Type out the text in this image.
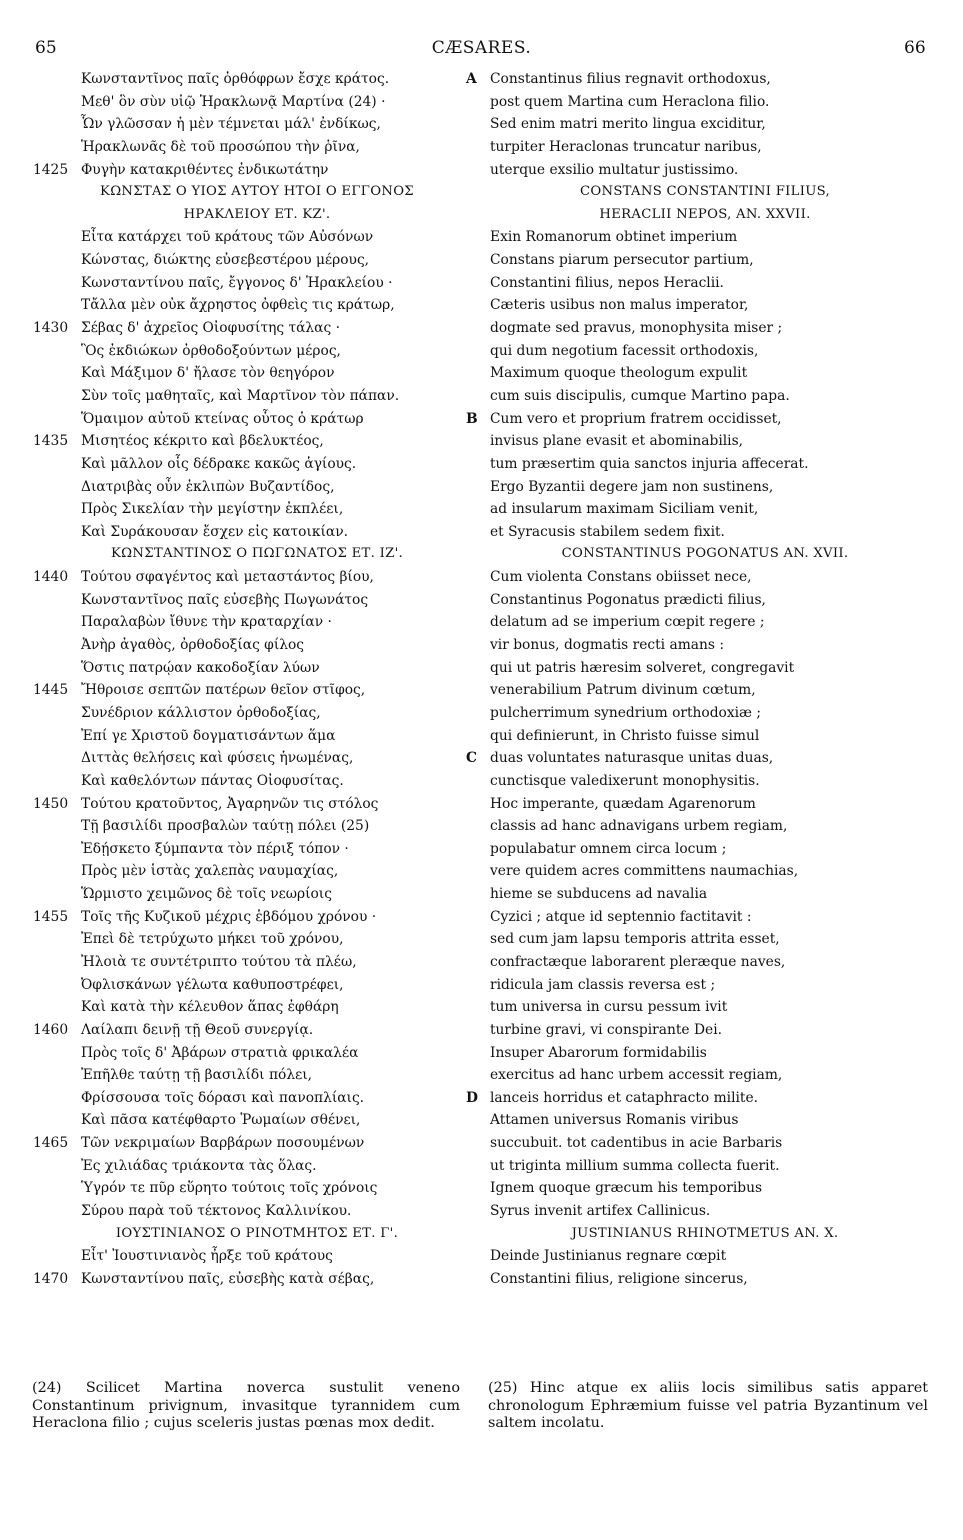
65	CÆSARES.	66
Κωνσταντῖνος παῖς ὀρθόφρων ἔσχε κράτος.
Μεθ' ὃν σὺν υἱῷ Ἡρακλωνᾷ Μαρτίνα (24) ·
Ὧν γλῶσσαν ἡ μὲν τέμνεται μάλ' ἐνδίκως,
Ἡρακλωνᾶς δὲ τοῦ προσώπου τὴν ῥῖνα,
1425 Φυγὴν κατακριθέντες ἐνδικωτάτην
ΚΩΝΣΤΑΣ Ο ΥΙΟΣ ΑΥΤΟΥ ΗΤΟΙ Ο ΕΓΓΟΝΟΣ
ΗΡΑΚΛΕΙΟΥ ΕΤ. ΚΖ'.
Εἶτα κατάρχει τοῦ κράτους τῶν Αὐσόνων
Κώνστας, διώκτης εὐσεβεστέρου μέρους,
Κωνσταντίνου παῖς, ἔγγονος δ' Ἡρακλείου ·
Τἄλλα μὲν οὐκ ἄχρηστος ὀφθεὶς τις κράτωρ,
1430 Σέβας δ' ἀχρεῖος Οἰοφυσίτης τάλας ·
Ὃς ἐκδιώκων ὀρθοδοξούντων μέρος,
Καὶ Μάξιμον δ' ἤλασε τὸν θεηγόρον
Σὺν τοῖς μαθηταῖς, καὶ Μαρτῖνον τὸν πάπαν.
Ὅμαιμον αὐτοῦ κτείνας οὗτος ὁ κράτωρ
1435 Μισητέος κέκριτο καὶ βδελυκτέος,
Καὶ μᾶλλον οἷς δέδρακε κακῶς ἁγίους.
Διατριβὰς οὖν ἐκλιπὼν Βυζαντίδος,
Πρὸς Σικελίαν τὴν μεγίστην ἐκπλέει,
Καὶ Συράκουσαν ἔσχεν εἰς κατοικίαν.
ΚΩΝΣΤΑΝΤΙΝΟΣ Ο ΠΩΓΩΝΑΤΟΣ ΕΤ. ΙΖ'.
1440 Τούτου σφαγέντος καὶ μεταστάντος βίου,
Κωνσταντῖνος παῖς εὐσεβὴς Πωγωνάτος
Παραλαβὼν ἴθυνε τὴν κραταρχίαν ·
Ἀνὴρ ἀγαθὸς, ὀρθοδοξίας φίλος
Ὅστις πατρῴαν κακοδοξίαν λύων
1445 Ἤθροισε σεπτῶν πατέρων θεῖον στῖφος,
Συνέδριον κάλλιστον ὀρθοδοξίας,
Ἐπί γε Χριστοῦ δογματισάντων ἅμα
Διττὰς θελήσεις καὶ φύσεις ἡνωμένας,
Καὶ καθελόντων πάντας Οἰοφυσίτας.
1450 Τούτου κρατοῦντος, Ἀγαρηνῶν τις στόλος
Τῇ βασιλίδι προσβαλὼν ταύτῃ πόλει (25)
Ἐδῄσκετο ξύμπαντα τὸν πέριξ τόπον ·
Πρὸς μὲν ἱστὰς χαλεπὰς ναυμαχίας,
Ὥρμιστο χειμῶνος δὲ τοῖς νεωρίοις
1455 Τοῖς τῆς Κυζικοῦ μέχρις ἑβδόμου χρόνου ·
Ἐπεὶ δὲ τετρύχωτο μήκει τοῦ χρόνου,
Ἠλοιὰ τε συντέτριπτο τούτου τὰ πλέω,
Ὀφλισκάνων γέλωτα καθυποστρέφει,
Καὶ κατὰ τὴν κέλευθον ἅπας ἐφθάρη
1460 Λαίλαπι δεινῇ τῇ Θεοῦ συνεργίᾳ.
Πρὸς τοῖς δ' Ἀβάρων στρατιὰ φρικαλέα
Ἐπῆλθε ταύτῃ τῇ βασιλίδι πόλει,
Φρίσσουσα τοῖς δόρασι καὶ πανοπλίαις.
Καὶ πᾶσα κατέφθαρτο Ῥωμαίων σθένει,
1465 Τῶν νεκριμαίων Βαρβάρων ποσουμένων
Ἐς χιλιάδας τριάκοντα τὰς ὅλας.
Ὑγρόν τε πῦρ εὕρητο τούτοις τοῖς χρόνοις
Σύρου παρὰ τοῦ τέκτονος Καλλινίκου.
ΙΟΥΣΤΙΝΙΑΝΟΣ Ο ΡΙΝΟΤΜΗΤΟΣ ΕΤ. Γ'.
Εἶτ' Ἰουστινιανὸς ἦρξε τοῦ κράτους
1470 Κωνσταντίνου παῖς, εὐσεβὴς κατὰ σέβας,
A Constantinus filius regnavit orthodoxus,
post quem Martina cum Heraclona filio.
Sed enim matri merito lingua exciditur,
turpiter Heraclonas truncatur naribus,
uterque exsilio multatur justissimo.
CONSTANS CONSTANTINI FILIUS,
HERACLII NEPOS, AN. XXVII.
Exin Romanorum obtinet imperium
Constans piarum persecutor partium,
Constantini filius, nepos Heraclii.
Cæteris usibus non malus imperator,
dogmate sed pravus, monophysita miser ;
qui dum negotium facessit orthodoxis,
Maximum quoque theologum expulit
cum suis discipulis, cumque Martino papa.
B Cum vero et proprium fratrem occidisset,
invisus plane evasit et abominabilis,
tum præsertim quia sanctos injuria affecerat.
Ergo Byzantii degere jam non sustinens,
ad insularum maximam Siciliam venit,
et Syracusis stabilem sedem fixit.
CONSTANTINUS POGONATUS AN. XVII.
Cum violenta Constans obiisset nece,
Constantinus Pogonatus prædicti filius,
delatum ad se imperium cœpit regere ;
vir bonus, dogmatis recti amans :
qui ut patris hæresim solveret, congregavit
venerabilium Patrum divinum cœtum,
pulcherrimum synedrium orthodoxiæ ;
qui definierunt, in Christo fuisse simul
C duas voluntates naturasque unitas duas,
cunctisque valedixerunt monophysitis.
Hoc imperante, quædam Agarenorum
classis ad hanc adnavigans urbem regiam,
populabatur omnem circa locum ;
vere quidem acres committens naumachias,
hieme se subducens ad navalia
Cyzici ; atque id septennio factitavit :
sed cum jam lapsu temporis attrita esset,
confractæque laborarent pleræque naves,
ridicula jam classis reversa est ;
tum universa in cursu pessum ivit
turbine gravi, vi conspirante Dei.
Insuper Abarorum formidabilis
exercitus ad hanc urbem accessit regiam,
D lanceis horridus et cataphracto milite.
Attamen universus Romanis viribus
succubuit. tot cadentibus in acie Barbaris
ut triginta millium summa collecta fuerit.
Ignem quoque græcum his temporibus
Syrus invenit artifex Callinicus.
JUSTINIANUS RHINOTMETUS AN. X.
Deinde Justinianus regnare cœpit
Constantini filius, religione sincerus,
(24) Scilicet Martina noverca sustulit veneno Constantinum privignum, invasitque tyrannidem cum Heraclona filio ; cujus sceleris justas pœnas mox dedit.
(25) Hinc atque ex aliis locis similibus satis apparet chronologum Ephræmium fuisse vel patria Byzantinum vel saltem incolatu.
